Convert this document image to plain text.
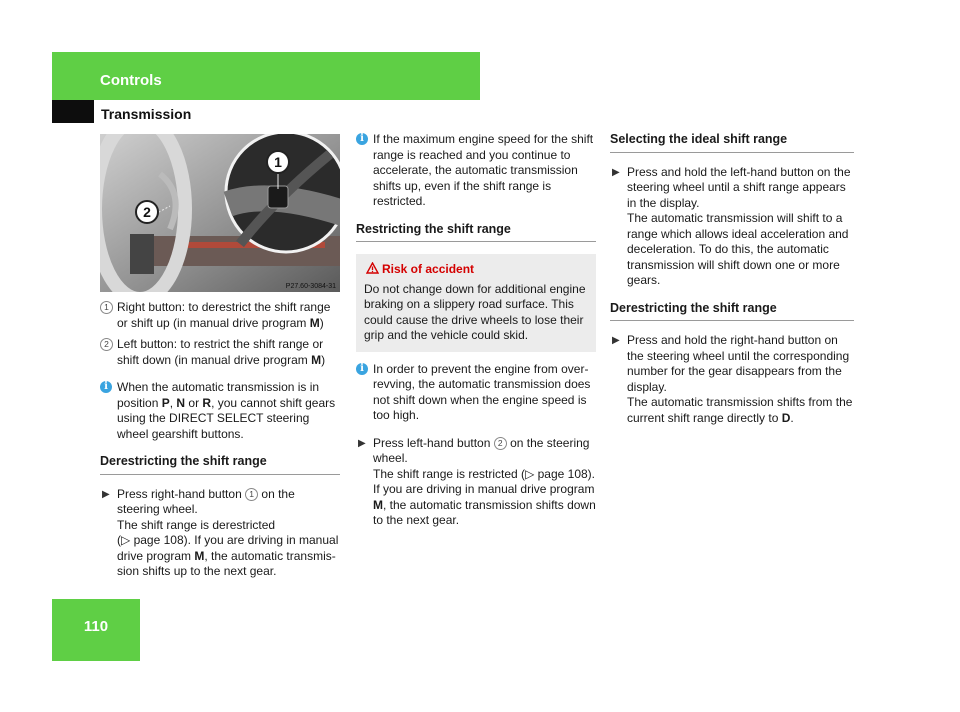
Controls
Transmission
1
2
P27.60-3084-31
1 Right button: to derestrict the shift range or shift up (in manual drive program M)
2 Left button: to restrict the shift range or shift down (in manual drive program M)
i When the automatic transmission is in position P, N or R, you cannot shift gears using the DIRECT SELECT steering wheel gearshift buttons.
Derestricting the shift range
▶ Press right-hand button 1 on the steering wheel.
The shift range is derestricted
(▷ page 108). If you are driving in manual drive program M, the automatic transmission shifts up to the next gear.
i If the maximum engine speed for the shift range is reached and you continue to accelerate, the automatic transmission shifts up, even if the shift range is restricted.
Restricting the shift range
Risk of accident
Do not change down for additional engine braking on a slippery road surface. This could cause the drive wheels to lose their grip and the vehicle could skid.
i In order to prevent the engine from over-revving, the automatic transmission does not shift down when the engine speed is too high.
▶ Press left-hand button 2 on the steering wheel.
The shift range is restricted (▷ page 108).
If you are driving in manual drive program M, the automatic transmission shifts down to the next gear.
Selecting the ideal shift range
▶ Press and hold the left-hand button on the steering wheel until a shift range appears in the display.
The automatic transmission will shift to a range which allows ideal acceleration and deceleration. To do this, the automatic transmission will shift down one or more gears.
Derestricting the shift range
▶ Press and hold the right-hand button on the steering wheel until the corresponding number for the gear disappears from the display.
The automatic transmission shifts from the current shift range directly to D.
110
